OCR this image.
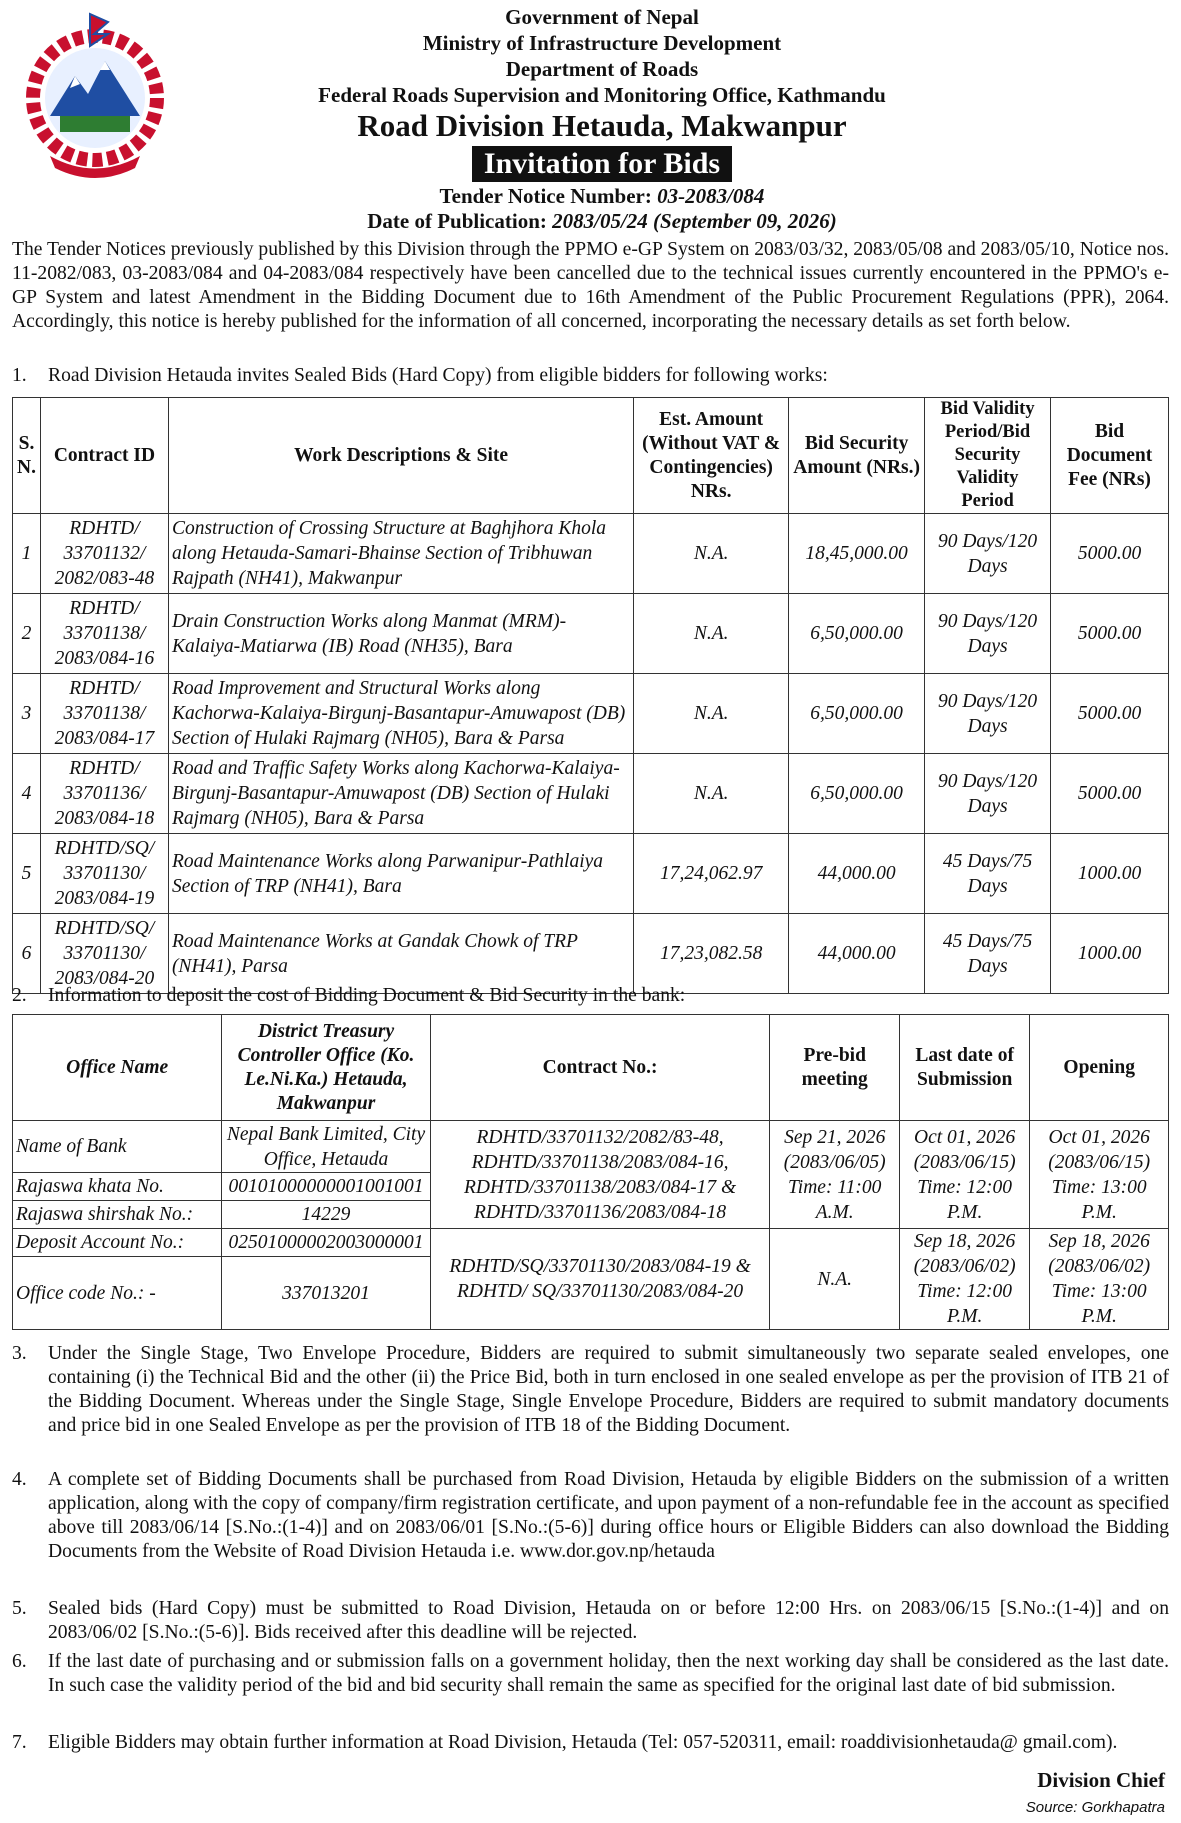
Government of Nepal
Ministry of Infrastructure Development
Department of Roads
Federal Roads Supervision and Monitoring Office, Kathmandu
Road Division Hetauda, Makwanpur
Invitation for Bids
Tender Notice Number: 03-2083/084
Date of Publication: 2083/05/24 (September 09, 2026)
The Tender Notices previously published by this Division through the PPMO e-GP System on 2083/03/32, 2083/05/08 and 2083/05/10, Notice nos. 11-2082/083, 03-2083/084 and 04-2083/084 respectively have been cancelled due to the technical issues currently encountered in the PPMO's e-GP System and latest Amendment in the Bidding Document due to 16th Amendment of the Public Procurement Regulations (PPR), 2064. Accordingly, this notice is hereby published for the information of all concerned, incorporating the necessary details as set forth below.
1. Road Division Hetauda invites Sealed Bids (Hard Copy) from eligible bidders for following works:
S. N.	Contract ID	Work Descriptions & Site	Est. Amount (Without VAT & Contingencies) NRs.	Bid Security Amount (NRs.)	Bid Validity Period/Bid Security Validity Period	Bid Document Fee (NRs)
1	RDHTD/ 33701132/ 2082/083-48	Construction of Crossing Structure at Baghjhora Khola along Hetauda-Samari-Bhainse Section of Tribhuwan Rajpath (NH41), Makwanpur	N.A.	18,45,000.00	90 Days/120 Days	5000.00
2	RDHTD/ 33701138/ 2083/084-16	Drain Construction Works along Manmat (MRM)-Kalaiya-Matiarwa (IB) Road (NH35), Bara	N.A.	6,50,000.00	90 Days/120 Days	5000.00
3	RDHTD/ 33701138/ 2083/084-17	Road Improvement and Structural Works along Kachorwa-Kalaiya-Birgunj-Basantapur-Amuwapost (DB) Section of Hulaki Rajmarg (NH05), Bara & Parsa	N.A.	6,50,000.00	90 Days/120 Days	5000.00
4	RDHTD/ 33701136/ 2083/084-18	Road and Traffic Safety Works along Kachorwa-Kalaiya-Birgunj-Basantapur-Amuwapost (DB) Section of Hulaki Rajmarg (NH05), Bara & Parsa	N.A.	6,50,000.00	90 Days/120 Days	5000.00
5	RDHTD/SQ/ 33701130/ 2083/084-19	Road Maintenance Works along Parwanipur-Pathlaiya Section of TRP (NH41), Bara	17,24,062.97	44,000.00	45 Days/75 Days	1000.00
6	RDHTD/SQ/ 33701130/ 2083/084-20	Road Maintenance Works at Gandak Chowk of TRP (NH41), Parsa	17,23,082.58	44,000.00	45 Days/75 Days	1000.00
2. Information to deposit the cost of Bidding Document & Bid Security in the bank:
Office Name	District Treasury Controller Office (Ko. Le.Ni.Ka.) Hetauda, Makwanpur	Contract No.:	Pre-bid meeting	Last date of Submission	Opening
Name of Bank	Nepal Bank Limited, City Office, Hetauda	RDHTD/33701132/2082/83-48, RDHTD/33701138/2083/084-16, RDHTD/33701138/2083/084-17 & RDHTD/33701136/2083/084-18	Sep 21, 2026 (2083/06/05) Time: 11:00 A.M.	Oct 01, 2026 (2083/06/15) Time: 12:00 P.M.	Oct 01, 2026 (2083/06/15) Time: 13:00 P.M.
Rajaswa khata No.	00101000000001001001				
Rajaswa shirshak No.:	14229				
Deposit Account No.:	02501000002003000001	RDHTD/SQ/33701130/2083/084-19 & RDHTD/ SQ/33701130/2083/084-20	N.A.	Sep 18, 2026 (2083/06/02) Time: 12:00 P.M.	Sep 18, 2026 (2083/06/02) Time: 13:00 P.M.
Office code No.: -	337013201				
3. Under the Single Stage, Two Envelope Procedure, Bidders are required to submit simultaneously two separate sealed envelopes, one containing (i) the Technical Bid and the other (ii) the Price Bid, both in turn enclosed in one sealed envelope as per the provision of ITB 21 of the Bidding Document. Whereas under the Single Stage, Single Envelope Procedure, Bidders are required to submit mandatory documents and price bid in one Sealed Envelope as per the provision of ITB 18 of the Bidding Document.
4. A complete set of Bidding Documents shall be purchased from Road Division, Hetauda by eligible Bidders on the submission of a written application, along with the copy of company/firm registration certificate, and upon payment of a non-refundable fee in the account as specified above till 2083/06/14 [S.No.:(1-4)] and on 2083/06/01 [S.No.:(5-6)] during office hours or Eligible Bidders can also download the Bidding Documents from the Website of Road Division Hetauda i.e. www.dor.gov.np/hetauda
5. Sealed bids (Hard Copy) must be submitted to Road Division, Hetauda on or before 12:00 Hrs. on 2083/06/15 [S.No.:(1-4)] and on 2083/06/02 [S.No.:(5-6)]. Bids received after this deadline will be rejected.
6. If the last date of purchasing and or submission falls on a government holiday, then the next working day shall be considered as the last date. In such case the validity period of the bid and bid security shall remain the same as specified for the original last date of bid submission.
7. Eligible Bidders may obtain further information at Road Division, Hetauda (Tel: 057-520311, email: roaddivisionhetauda@ gmail.com).
Division Chief
Source: Gorkhapatra
